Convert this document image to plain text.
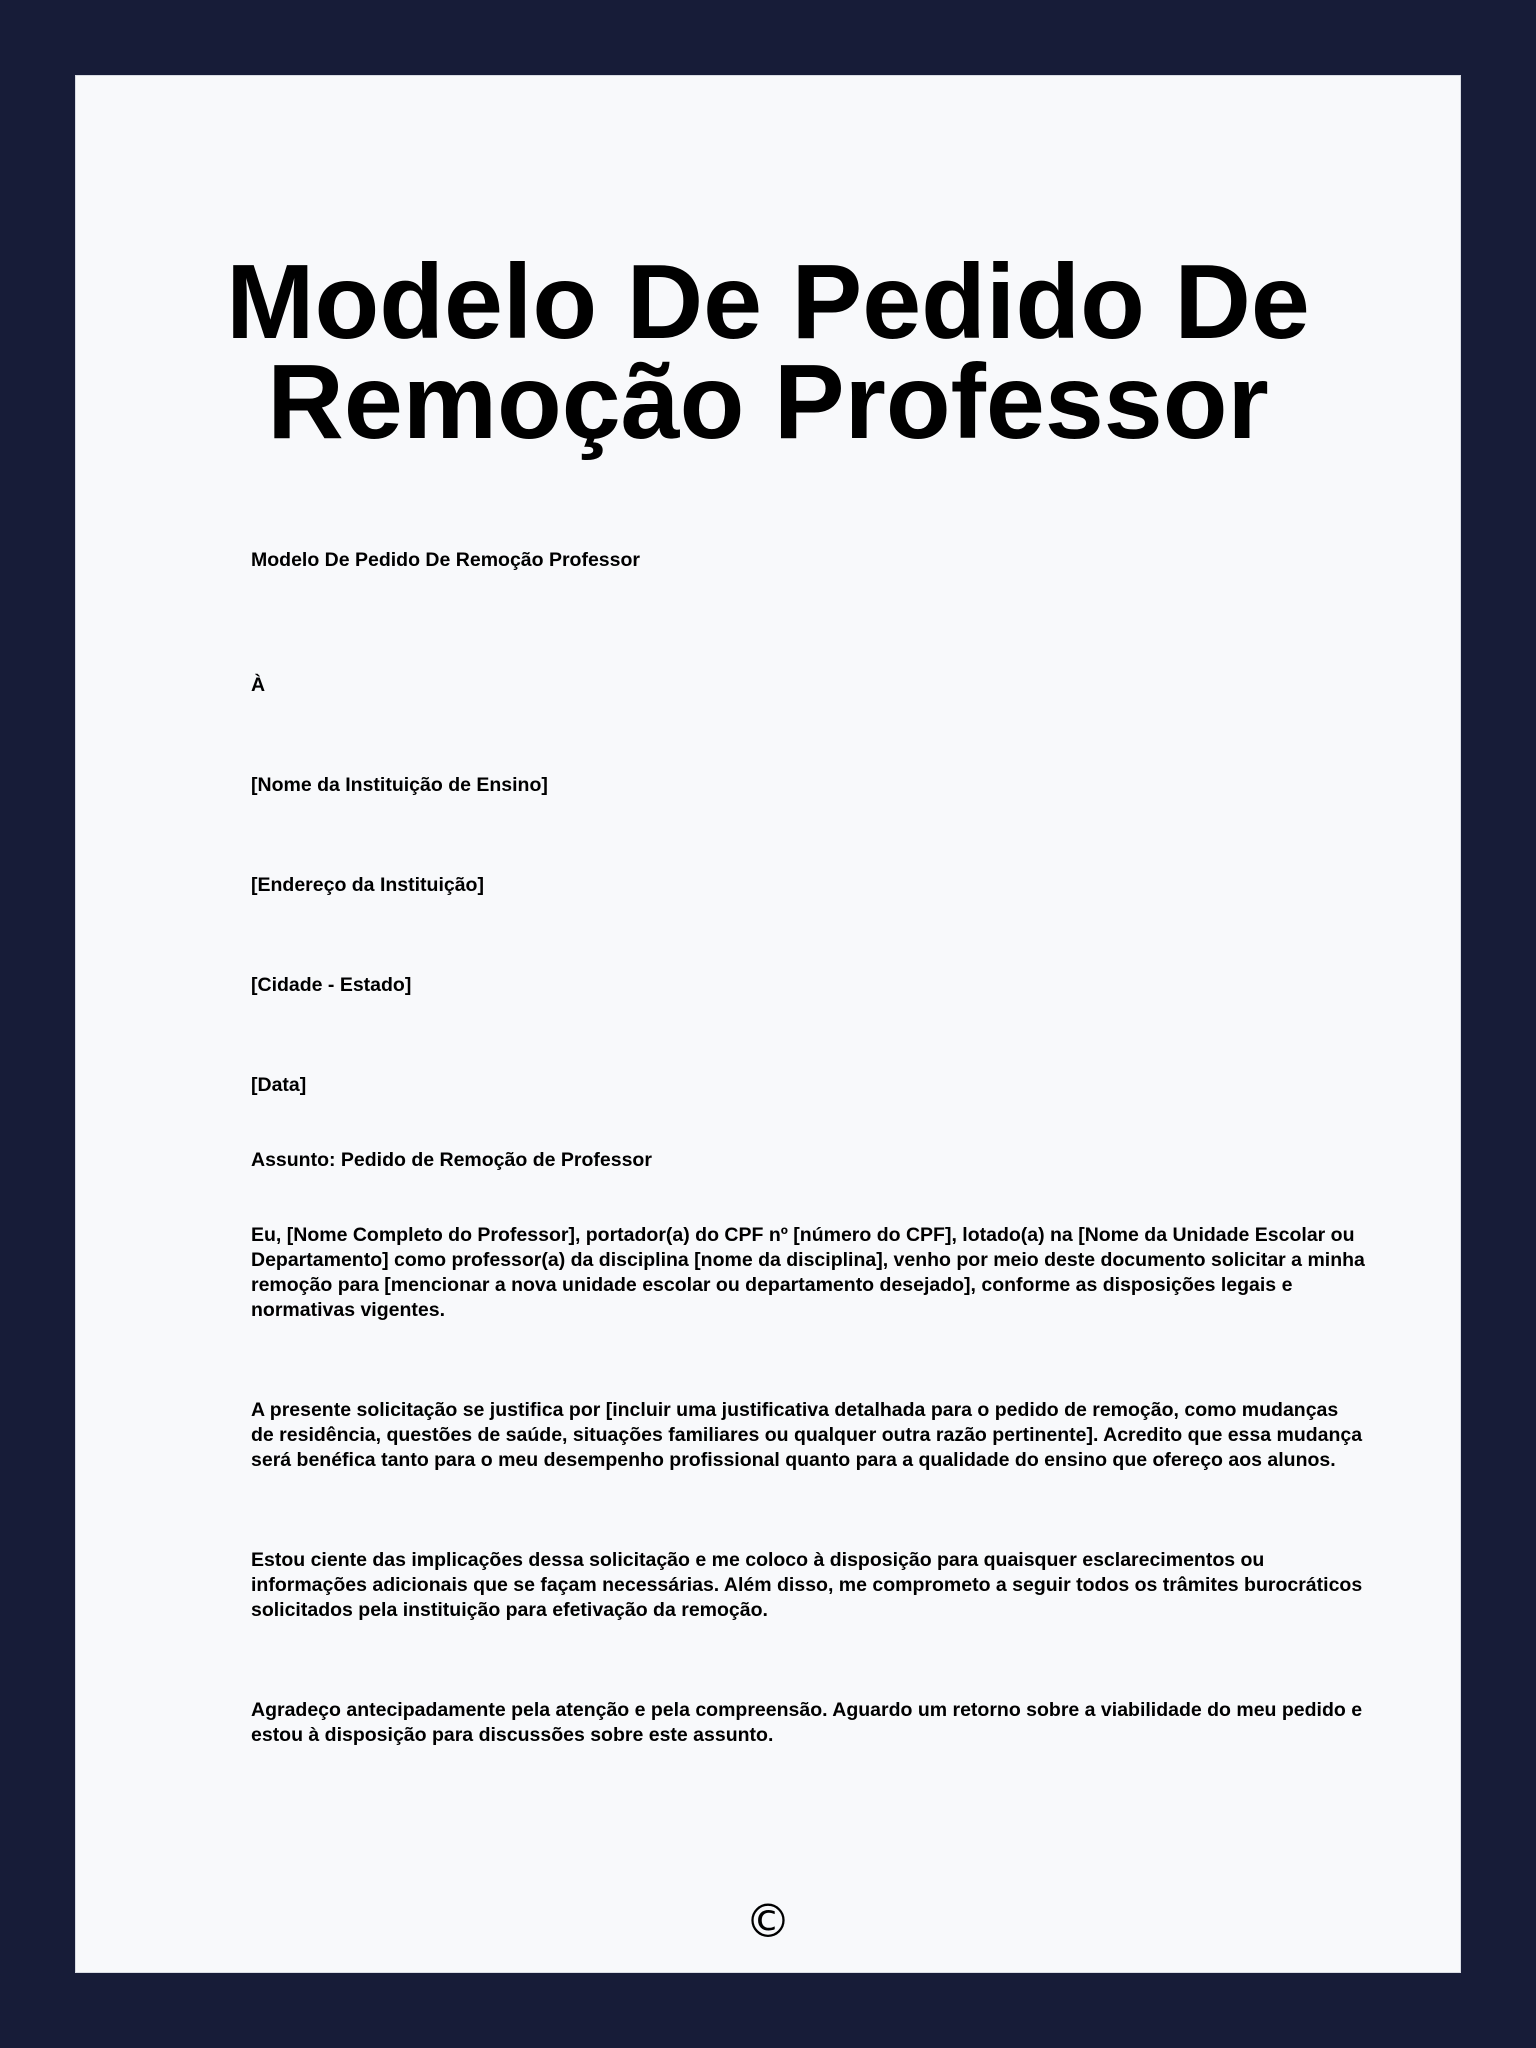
Modelo De Pedido De Remoção Professor

Modelo De Pedido De Remoção Professor

À

[Nome da Instituição de Ensino]

[Endereço da Instituição]

[Cidade - Estado]

[Data]

Assunto: Pedido de Remoção de Professor

Eu, [Nome Completo do Professor], portador(a) do CPF nº [número do CPF], lotado(a) na [Nome da Unidade Escolar ou Departamento] como professor(a) da disciplina [nome da disciplina], venho por meio deste documento solicitar a minha remoção para [mencionar a nova unidade escolar ou departamento desejado], conforme as disposições legais e normativas vigentes.

A presente solicitação se justifica por [incluir uma justificativa detalhada para o pedido de remoção, como mudanças de residência, questões de saúde, situações familiares ou qualquer outra razão pertinente]. Acredito que essa mudança será benéfica tanto para o meu desempenho profissional quanto para a qualidade do ensino que ofereço aos alunos.

Estou ciente das implicações dessa solicitação e me coloco à disposição para quaisquer esclarecimentos ou informações adicionais que se façam necessárias. Além disso, me comprometo a seguir todos os trâmites burocráticos solicitados pela instituição para efetivação da remoção.

Agradeço antecipadamente pela atenção e pela compreensão. Aguardo um retorno sobre a viabilidade do meu pedido e estou à disposição para discussões sobre este assunto.

©
